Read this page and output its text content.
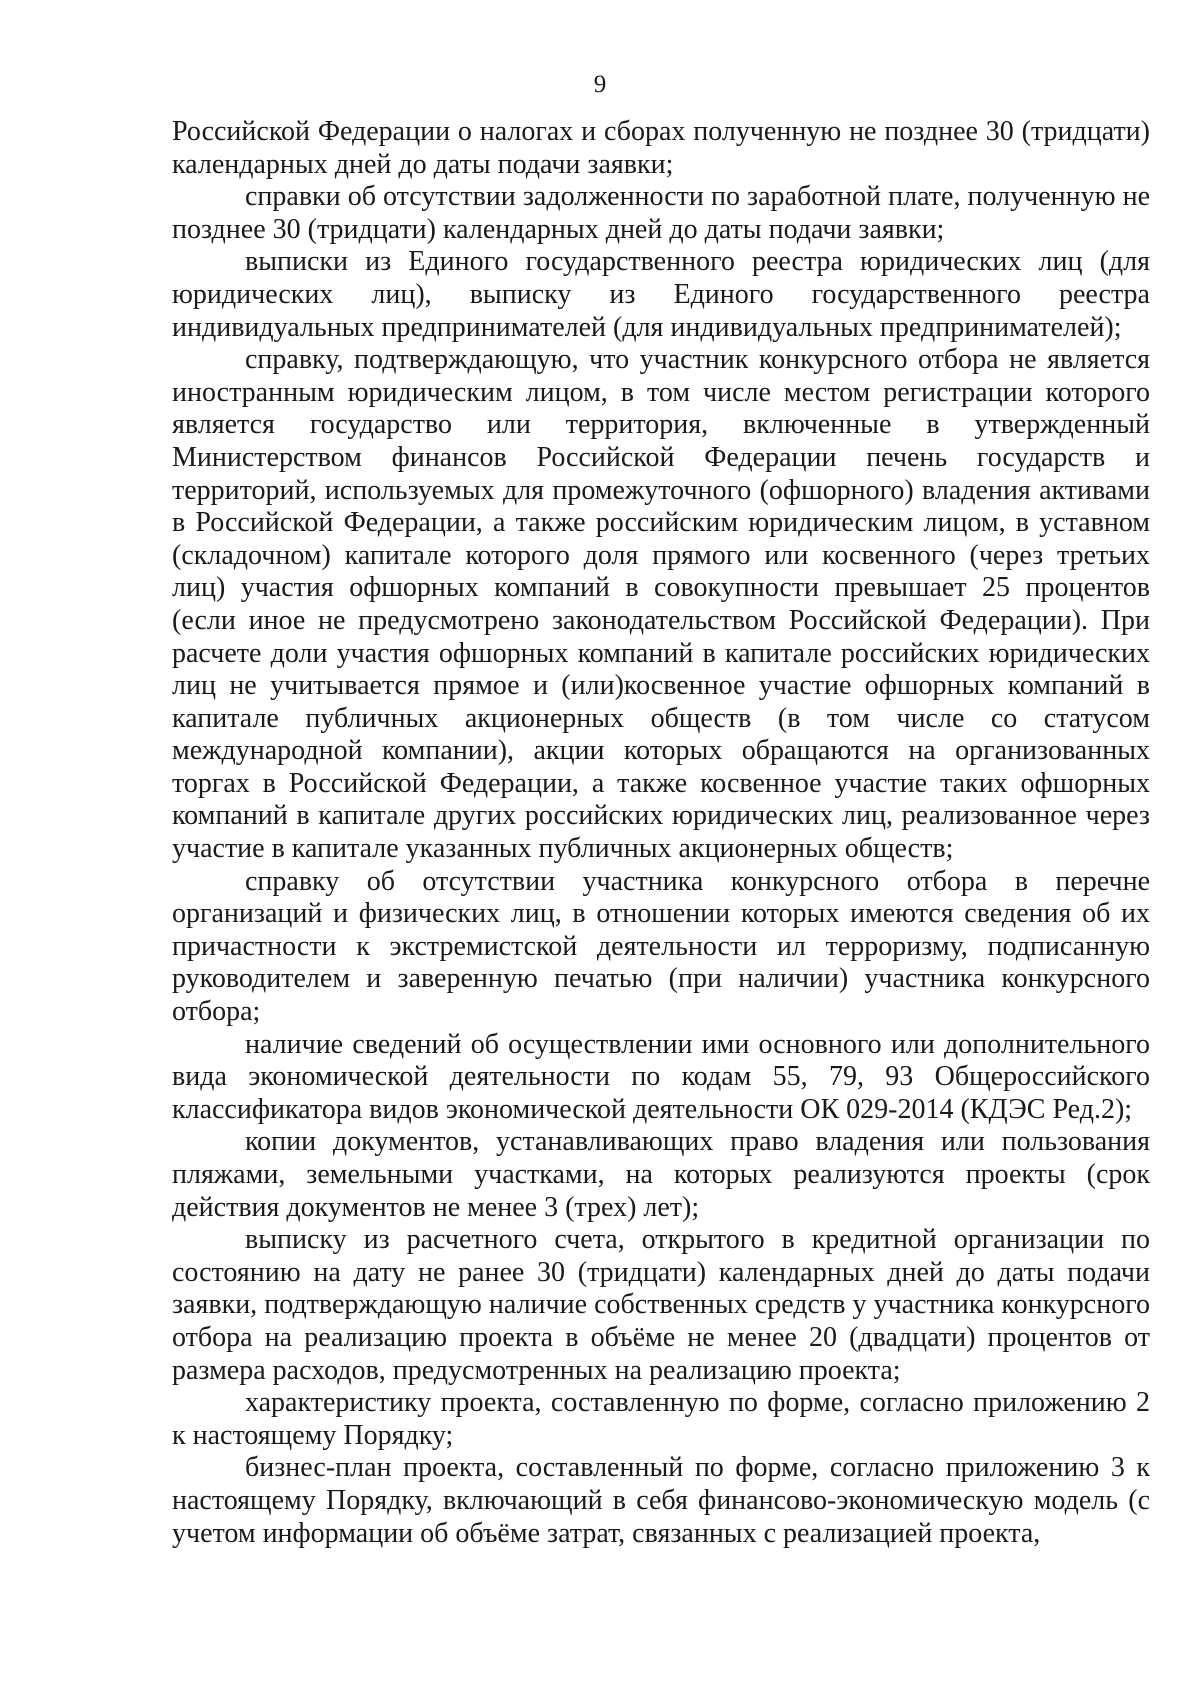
9

Российской Федерации о налогах и сборах полученную не позднее 30 (тридцати) календарных дней до даты подачи заявки;

справки об отсутствии задолженности по заработной плате, полученную не позднее 30 (тридцати) календарных дней до даты подачи заявки;

выписки из Единого государственного реестра юридических лиц (для юридических лиц), выписку из Единого государственного реестра индивидуальных предпринимателей (для индивидуальных предпринимателей);

справку, подтверждающую, что участник конкурсного отбора не является иностранным юридическим лицом, в том числе местом регистрации которого является государство или территория, включенные в утвержденный Министерством финансов Российской Федерации печень государств и территорий, используемых для промежуточного (офшорного) владения активами в Российской Федерации, а также российским юридическим лицом, в уставном (складочном) капитале которого доля прямого или косвенного (через третьих лиц) участия офшорных компаний в совокупности превышает 25 процентов (если иное не предусмотрено законодательством Российской Федерации). При расчете доли участия офшорных компаний в капитале российских юридических лиц не учитывается прямое и (или)косвенное участие офшорных компаний в капитале публичных акционерных обществ (в том числе со статусом международной компании), акции которых обращаются на организованных торгах в Российской Федерации, а также косвенное участие таких офшорных компаний в капитале других российских юридических лиц, реализованное через участие в капитале указанных публичных акционерных обществ;

справку об отсутствии участника конкурсного отбора в перечне организаций и физических лиц, в отношении которых имеются сведения об их причастности к экстремистской деятельности ил терроризму, подписанную руководителем и заверенную печатью (при наличии) участника конкурсного отбора;

наличие сведений об осуществлении ими основного или дополнительного вида экономической деятельности по кодам 55, 79, 93 Общероссийского классификатора видов экономической деятельности ОК 029-2014 (КДЭС Ред.2);

копии документов, устанавливающих право владения или пользования пляжами, земельными участками, на которых реализуются проекты (срок действия документов не менее 3 (трех) лет);

выписку из расчетного счета, открытого в кредитной организации по состоянию на дату не ранее 30 (тридцати) календарных дней до даты подачи заявки, подтверждающую наличие собственных средств у участника конкурсного отбора на реализацию проекта в объёме не менее 20 (двадцати) процентов от размера расходов, предусмотренных на реализацию проекта;

характеристику проекта, составленную по форме, согласно приложению 2 к настоящему Порядку;

бизнес-план проекта, составленный по форме, согласно приложению 3 к настоящему Порядку, включающий в себя финансово-экономическую модель (с учетом информации об объёме затрат, связанных с реализацией проекта,
